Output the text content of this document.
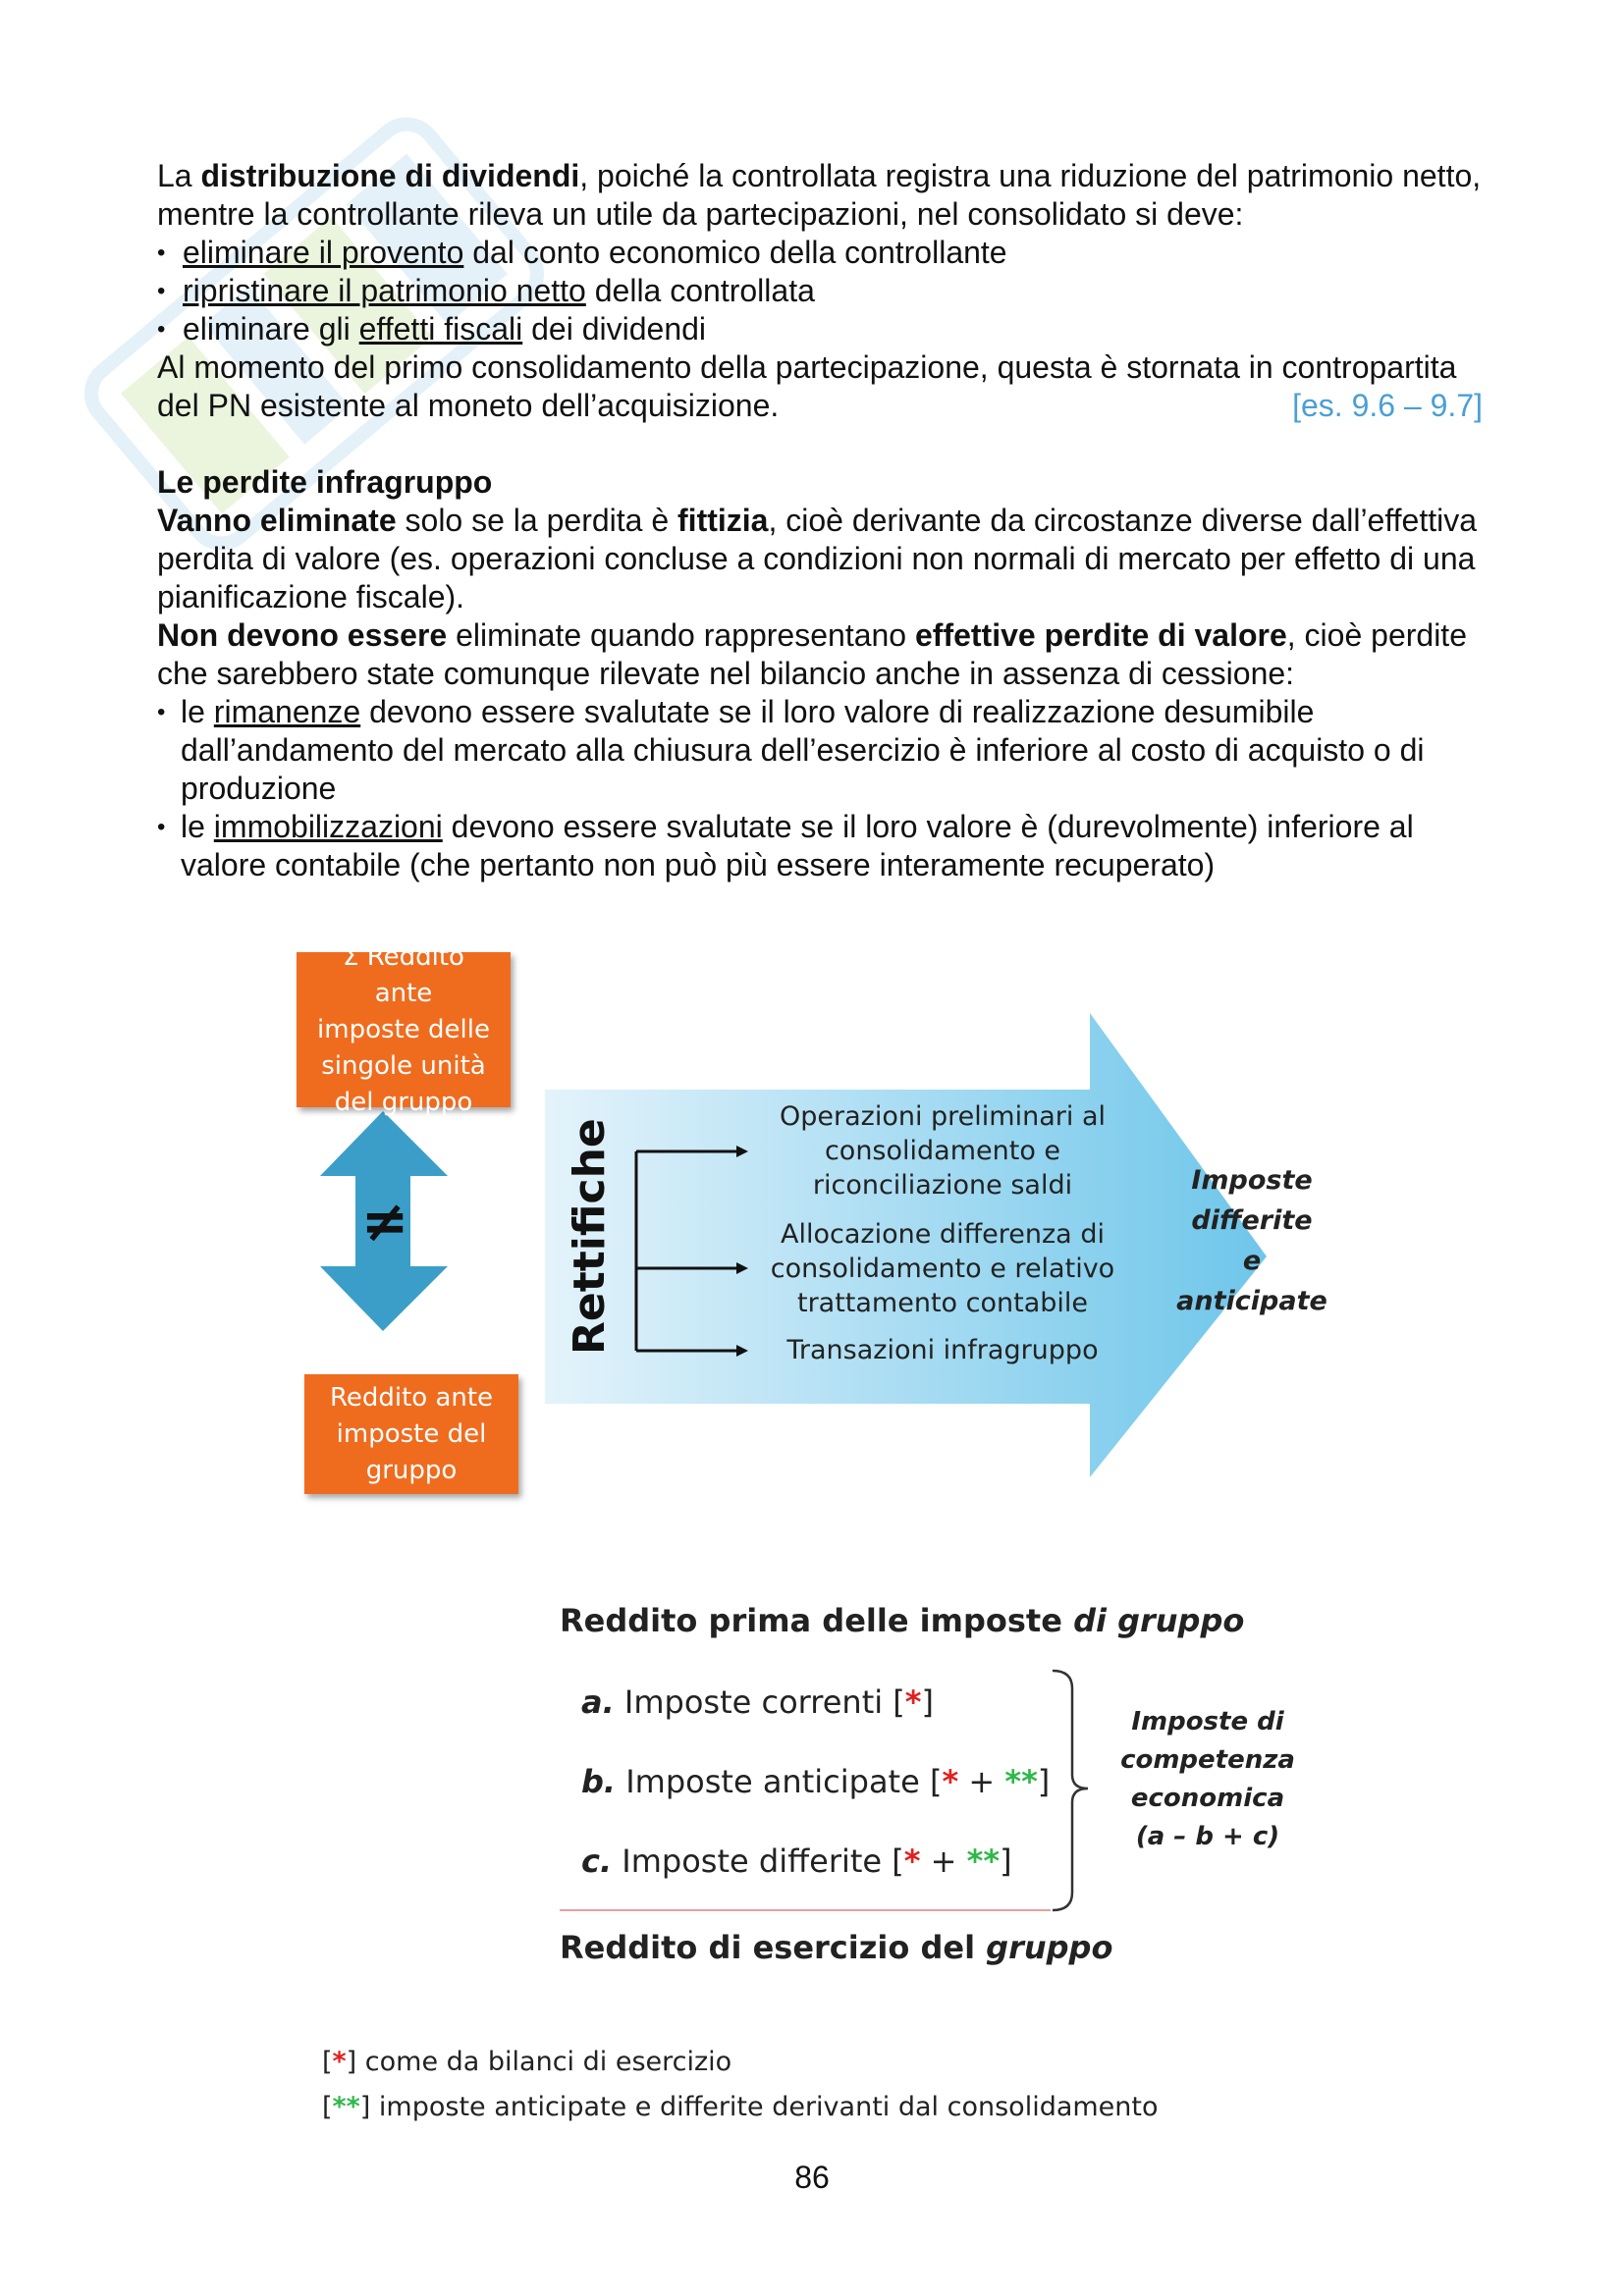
La distribuzione di dividendi, poiché la controllata registra una riduzione del patrimonio netto, mentre la controllante rileva un utile da partecipazioni, nel consolidato si deve:

• eliminare il provento dal conto economico della controllante
• ripristinare il patrimonio netto della controllata
• eliminare gli effetti fiscali dei dividendi

Al momento del primo consolidamento della partecipazione, questa è stornata in contropartita del PN esistente al moneto dell’acquisizione.	[es. 9.6 – 9.7]

Le perdite infragruppo

Vanno eliminate solo se la perdita è fittizia, cioè derivante da circostanze diverse dall’effettiva perdita di valore (es. operazioni concluse a condizioni non normali di mercato per effetto di una pianificazione fiscale).

Non devono essere eliminate quando rappresentano effettive perdite di valore, cioè perdite che sarebbero state comunque rilevate nel bilancio anche in assenza di cessione:

• le rimanenze devono essere svalutate se il loro valore di realizzazione desumibile dall’andamento del mercato alla chiusura dell’esercizio è inferiore al costo di acquisto o di produzione
• le immobilizzazioni devono essere svalutate se il loro valore è (durevolmente) inferiore al valore contabile (che pertanto non può più essere interamente recuperato)
Σ Reddito ante
imposte delle
singole unità
del gruppo
≠
Reddito ante
imposte del
gruppo
Rettifiche
Operazioni preliminari al
consolidamento e
riconciliazione saldi
Allocazione differenza di
consolidamento e relativo
trattamento contabile
Transazioni infragruppo
Imposte
differite
e
anticipate
Reddito prima delle imposte di gruppo
a. Imposte correnti [*]
b. Imposte anticipate [* + **]
c. Imposte differite [* + **]
Imposte di
competenza
economica
(a – b + c)
Reddito di esercizio del gruppo
[*] come da bilanci di esercizio
[**] imposte anticipate e differite derivanti dal consolidamento
86
